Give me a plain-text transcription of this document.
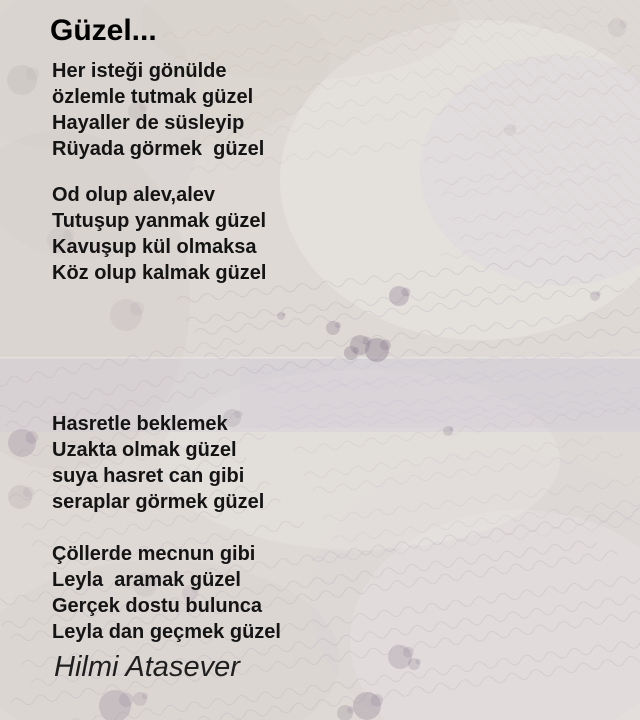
Güzel...
Her isteği gönülde
özlemle tutmak güzel
Hayaller de süsleyip
Rüyada görmek  güzel
Od olup alev,alev
Tutuşup yanmak güzel
Kavuşup kül olmaksa
Köz olup kalmak güzel
Hasretle beklemek
Uzakta olmak güzel
suya hasret can gibi
seraplar görmek güzel
Çöllerde mecnun gibi
Leyla  aramak güzel
Gerçek dostu bulunca
Leyla dan geçmek güzel
Hilmi Atasever
